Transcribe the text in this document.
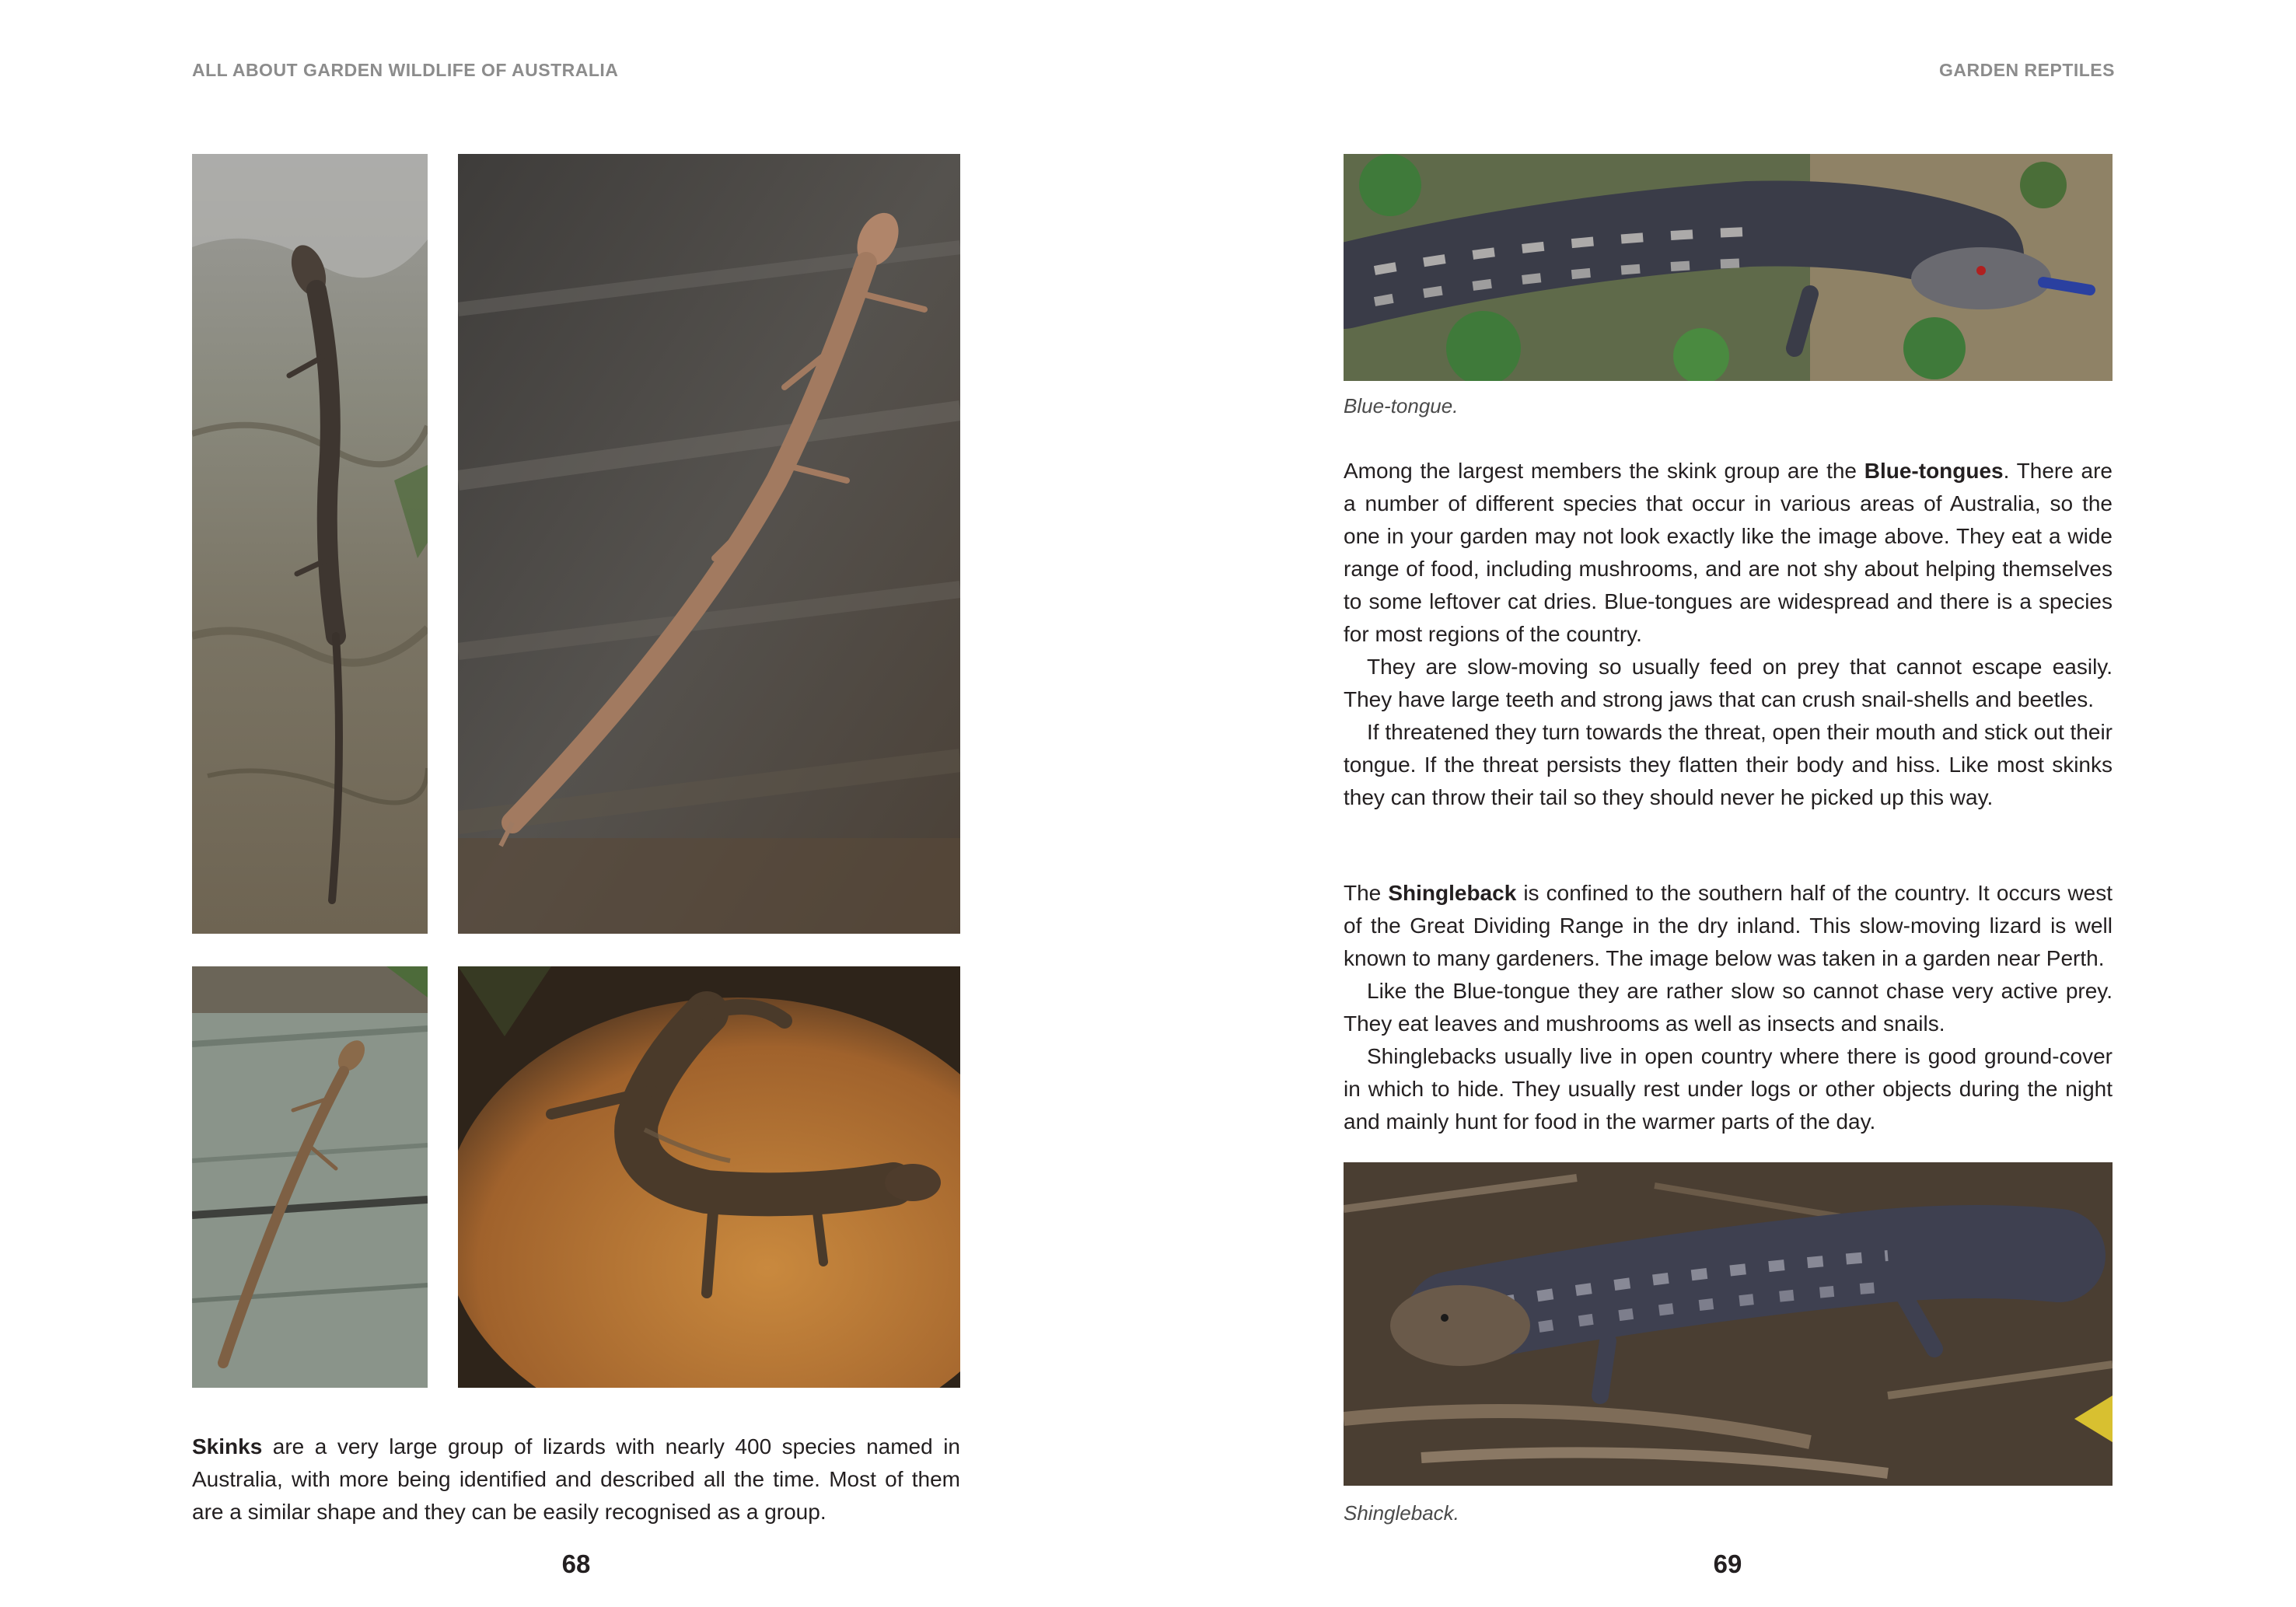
ALL ABOUT GARDEN WILDLIFE OF AUSTRALIA

Skinks are a very large group of lizards with nearly 400 species named in Australia, with more being identified and described all the time. Most of them are a similar shape and they can be easily recognised as a group.

68

GARDEN REPTILES

Blue-tongue.

Among the largest members the skink group are the Blue-tongues. There are a number of different species that occur in various areas of Australia, so the one in your garden may not look exactly like the image above. They eat a wide range of food, including mushrooms, and are not shy about helping themselves to some leftover cat dries. Blue-tongues are widespread and there is a species for most regions of the country.

They are slow-moving so usually feed on prey that cannot escape easily. They have large teeth and strong jaws that can crush snail-shells and beetles.

If threatened they turn towards the threat, open their mouth and stick out their tongue. If the threat persists they flatten their body and hiss. Like most skinks they can throw their tail so they should never he picked up this way.

The Shingleback is confined to the southern half of the country. It occurs west of the Great Dividing Range in the dry inland. This slow-moving lizard is well known to many gardeners. The image below was taken in a garden near Perth.

Like the Blue-tongue they are rather slow so cannot chase very active prey. They eat leaves and mushrooms as well as insects and snails.

Shinglebacks usually live in open country where there is good ground-cover in which to hide. They usually rest under logs or other objects during the night and mainly hunt for food in the warmer parts of the day.

Shingleback.

69
